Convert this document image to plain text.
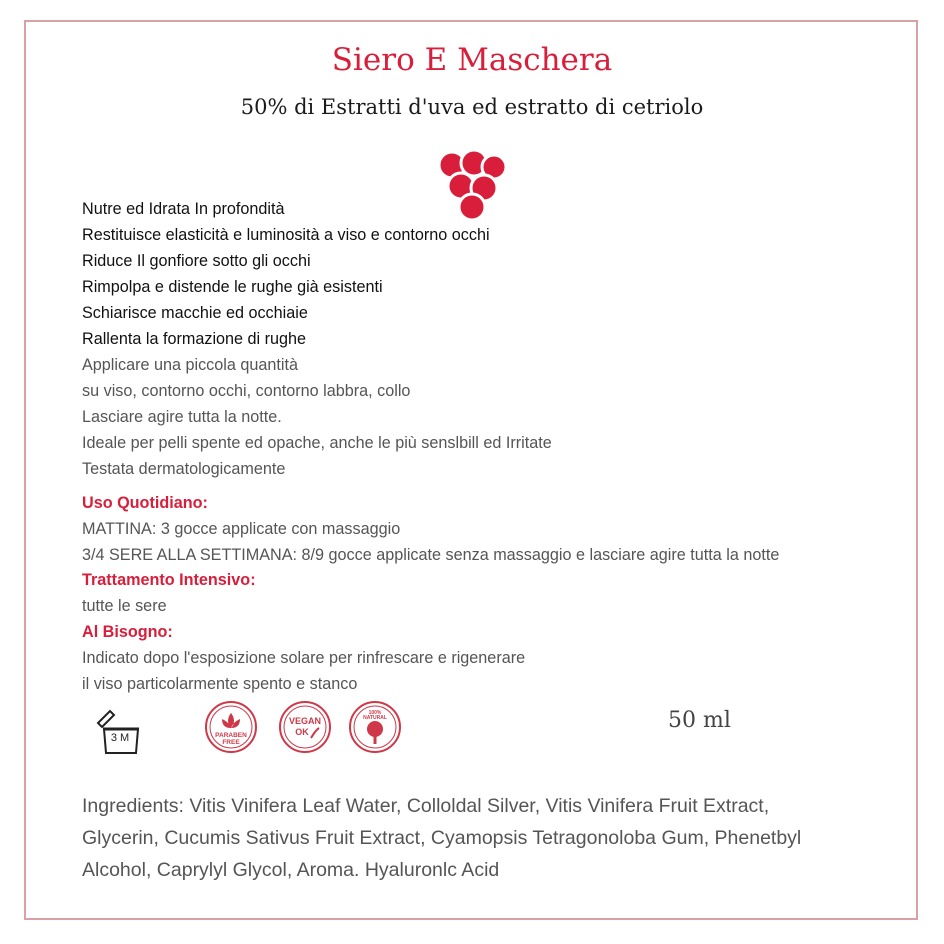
Siero E Maschera
50% di Estratti d'uva ed estratto di cetriolo
Nutre ed Idrata In profondità
Restituisce elasticità e luminosità a viso e contorno occhi
Riduce Il gonfiore sotto gli occhi
Rimpolpa e distende le rughe già esistenti
Schiarisce macchie ed occhiaie
Rallenta la formazione di rughe
Applicare una piccola quantità
su viso, contorno occhi, contorno labbra, collo
Lasciare agire tutta la notte.
Ideale per pelli spente ed opache, anche le più senslbill ed Irritate
Testata dermatologicamente
Uso Quotidiano:
MATTINA: 3 gocce applicate con massaggio
3/4 SERE ALLA SETTIMANA: 8/9 gocce applicate senza massaggio e lasciare agire tutta la notte
Trattamento Intensivo:
tutte le sere
Al Bisogno:
Indicato dopo l'esposizione solare per rinfrescare e rigenerare
il viso particolarmente spento e stanco
3 M	PARABEN
FREE
VEGAN
OK
100%
NATURAL	50 ml

Ingredients: Vitis Vinifera Leaf Water, Colloldal Silver, Vitis Vinifera Fruit Extract, Glycerin, Cucumis Sativus Fruit Extract, Cyamopsis Tetragonoloba Gum, Phenetbyl Alcohol, Caprylyl Glycol, Aroma. Hyaluronlc Acid
